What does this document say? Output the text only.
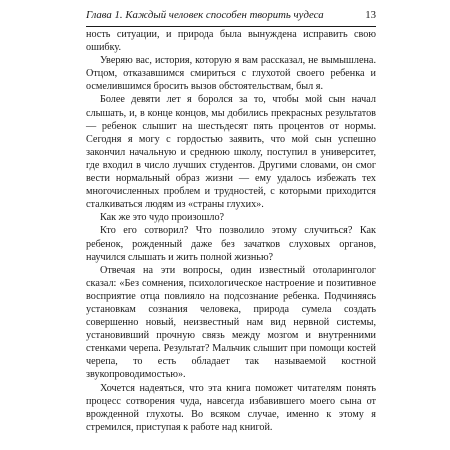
Глава 1. Каждый человек способен творить чудеса	13

ность ситуации, и природа была вынуждена исправить свою ошибку.

Уверяю вас, история, которую я вам рассказал, не вымышлена. Отцом, отказавшимся смириться с глухотой своего ребенка и осмелившимся бросить вызов обстоятельствам, был я.

Более девяти лет я боролся за то, чтобы мой сын начал слышать, и, в конце концов, мы добились прекрасных результатов — ребенок слышит на шестьдесят пять процентов от нормы. Сегодня я могу с гордостью заявить, что мой сын успешно закончил начальную и среднюю школу, поступил в университет, где входил в число лучших студентов. Другими словами, он смог вести нормальный образ жизни — ему удалось избежать тех многочисленных проблем и трудностей, с которыми приходится сталкиваться людям из «страны глухих».

Как же это чудо произошло?

Кто его сотворил? Что позволило этому случиться? Как ребенок, рожденный даже без зачатков слуховых органов, научился слышать и жить полной жизнью?

Отвечая на эти вопросы, один известный отоларинголог сказал: «Без сомнения, психологическое настроение и позитивное восприятие отца повлияло на подсознание ребенка. Подчиняясь установкам сознания человека, природа сумела создать совершенно новый, неизвестный нам вид нервной системы, установивший прочную связь между мозгом и внутренними стенками черепа. Результат? Мальчик слышит при помощи костей черепа, то есть обладает так называемой костной звукопроводимостью».

Хочется надеяться, что эта книга поможет читателям понять процесс сотворения чуда, навсегда избавившего моего сына от врожденной глухоты. Во всяком случае, именно к этому я стремился, приступая к работе над книгой.
